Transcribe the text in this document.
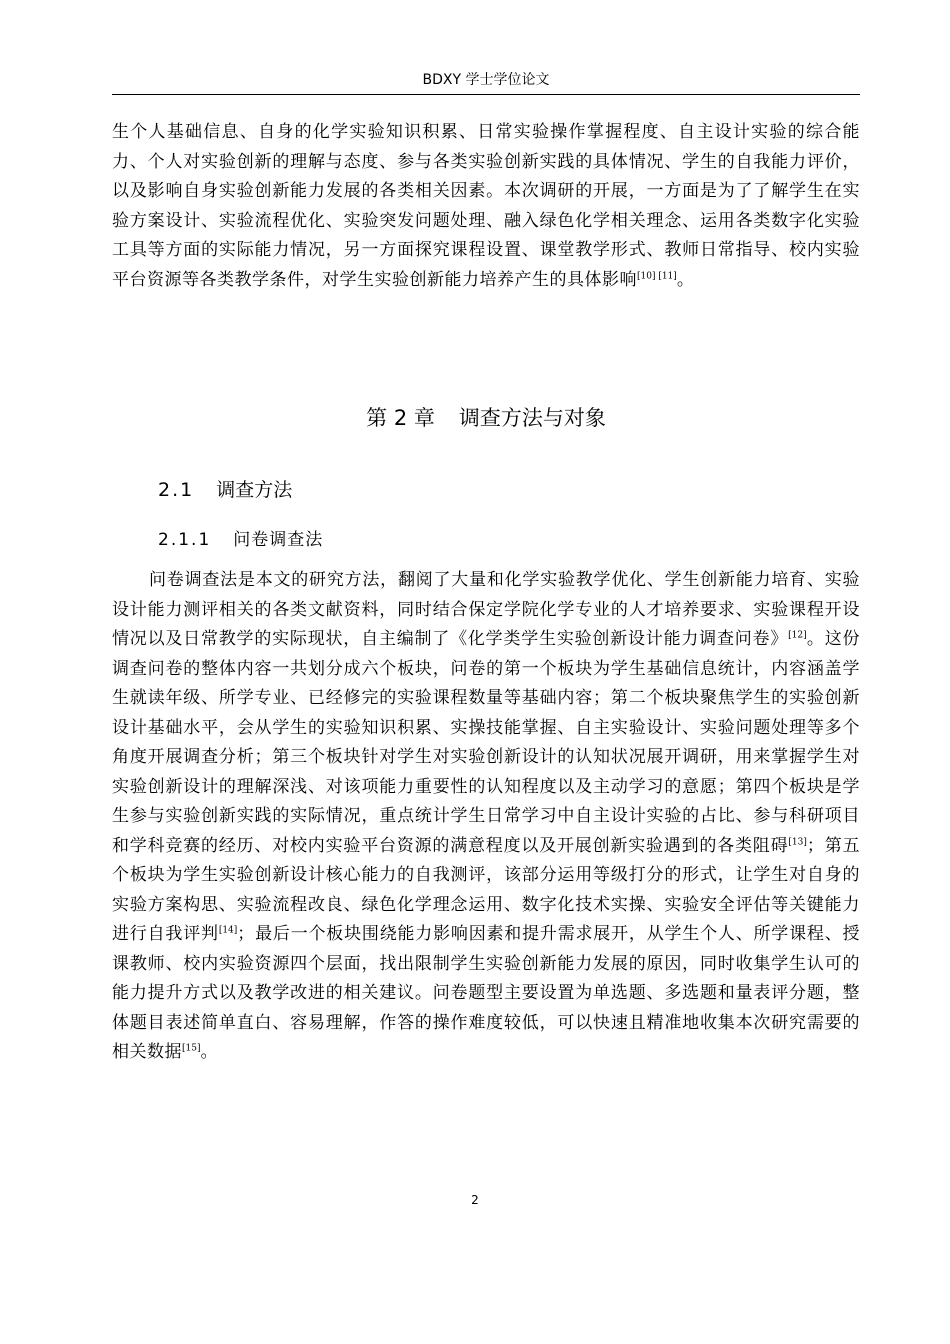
BDXY 学士学位论文

生个人基础信息、自身的化学实验知识积累、日常实验操作掌握程度、自主设计实验的综合能力、个人对实验创新的理解与态度、参与各类实验创新实践的具体情况、学生的自我能力评价，以及影响自身实验创新能力发展的各类相关因素。本次调研的开展，一方面是为了了解学生在实验方案设计、实验流程优化、实验突发问题处理、融入绿色化学相关理念、运用各类数字化实验工具等方面的实际能力情况，另一方面探究课程设置、课堂教学形式、教师日常指导、校内实验平台资源等各类教学条件，对学生实验创新能力培养产生的具体影响[10] [11]。

第 2 章 调查方法与对象
2.1 调查方法
2.1.1 问卷调查法

问卷调查法是本文的研究方法，翻阅了大量和化学实验教学优化、学生创新能力培育、实验设计能力测评相关的各类文献资料，同时结合保定学院化学专业的人才培养要求、实验课程开设情况以及日常教学的实际现状，自主编制了《化学类学生实验创新设计能力调查问卷》[12]。这份调查问卷的整体内容一共划分成六个板块，问卷的第一个板块为学生基础信息统计，内容涵盖学生就读年级、所学专业、已经修完的实验课程数量等基础内容；第二个板块聚焦学生的实验创新设计基础水平，会从学生的实验知识积累、实操技能掌握、自主实验设计、实验问题处理等多个角度开展调查分析；第三个板块针对学生对实验创新设计的认知状况展开调研，用来掌握学生对实验创新设计的理解深浅、对该项能力重要性的认知程度以及主动学习的意愿；第四个板块是学生参与实验创新实践的实际情况，重点统计学生日常学习中自主设计实验的占比、参与科研项目和学科竞赛的经历、对校内实验平台资源的满意程度以及开展创新实验遇到的各类阻碍[13]；第五个板块为学生实验创新设计核心能力的自我测评，该部分运用等级打分的形式，让学生对自身的实验方案构思、实验流程改良、绿色化学理念运用、数字化技术实操、实验安全评估等关键能力进行自我评判[14]；最后一个板块围绕能力影响因素和提升需求展开，从学生个人、所学课程、授课教师、校内实验资源四个层面，找出限制学生实验创新能力发展的原因，同时收集学生认可的能力提升方式以及教学改进的相关建议。问卷题型主要设置为单选题、多选题和量表评分题，整体题目表述简单直白、容易理解，作答的操作难度较低，可以快速且精准地收集本次研究需要的相关数据[15]。

2
